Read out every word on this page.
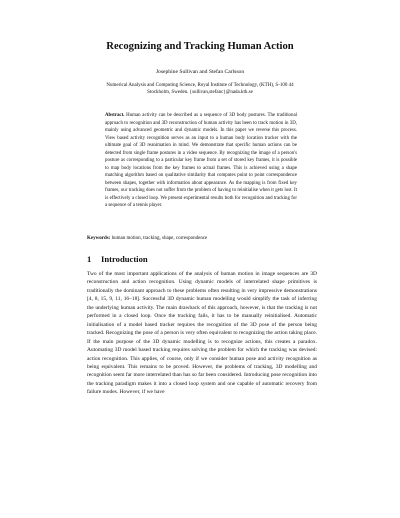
Recognizing and Tracking Human Action
Josephine Sullivan and Stefan Carlsson
Numerical Analysis and Computing Science, Royal Institute of Technology, (KTH), S-100 44
Stockholm, Sweden. {sullivan,stefanc}@nada.kth.se
Abstract. Human activity can be described as a sequence of 3D body postures. The traditional approach to recognition and 3D reconstruction of human activity has been to track motion in 3D, mainly using advanced geometric and dynamic models. In this paper we reverse this process. View based activity recognition serves as an input to a human body location tracker with the ultimate goal of 3D reanimation in mind. We demonstrate that specific human actions can be detected from single frame postures in a video sequence. By recognizing the image of a person's posture as corresponding to a particular key frame from a set of stored key frames, it is possible to map body locations from the key frames to actual frames. This is achieved using a shape matching algorithm based on qualitative similarity that computes point to point correspondence between shapes, together with information about appearance. As the mapping is from fixed key frames, our tracking does not suffer from the problem of having to reinitialise when it gets lost. It is effectively a closed loop. We present experimental results both for recognition and tracking for a sequence of a tennis player.
Keywords: human motion, tracking, shape, correspondence
1 Introduction
Two of the most important applications of the analysis of human motion in image sequences are 3D reconstruction and action recognition. Using dynamic models of interrelated shape primitives is traditionally the dominant approach to these problems often resulting in very impressive demonstrations [4, 8, 15, 9, 11, 16–18]. Successful 3D dynamic human modelling would simplify the task of inferring the underlying human activity. The main drawback of this approach, however, is that the tracking is not performed in a closed loop. Once the tracking fails, it has to be manually reinitialised. Automatic initialisation of a model based tracker requires the recognition of the 3D pose of the person being tracked. Recognizing the pose of a person is very often equivalent to recognizing the action taking place. If the main purpose of the 3D dynamic modelling is to recognize actions, this creates a paradox. Automating 3D model based tracking requires solving the problem for which the tracking was devised: action recognition. This applies, of course, only if we consider human pose and activity recognition as being equivalent. This remains to be proved. However, the problems of tracking, 3D modelling and recognition seem far more interrelated than has so far been considered. Introducing pose recognition into the tracking paradigm makes it into a closed loop system and one capable of automatic recovery from failure modes. However, if we have
